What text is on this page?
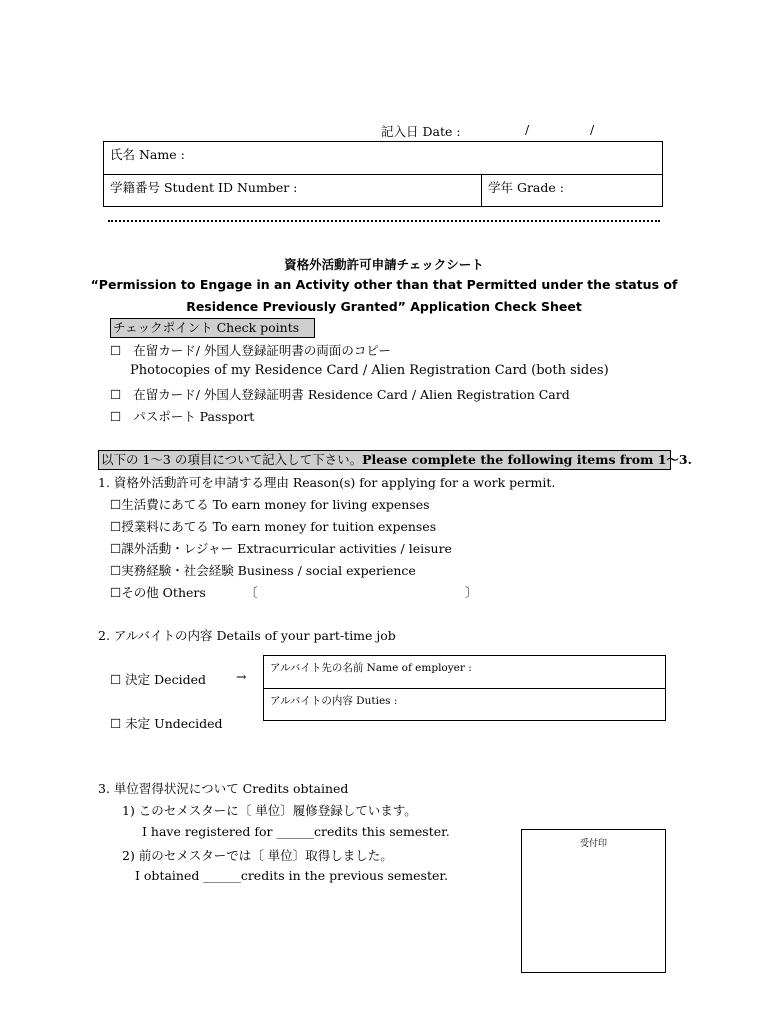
記入日 Date :	/	/
氏名 Name :
学籍番号 Student ID Number :	学年 Grade :
資格外活動許可申請チェックシート
“Permission to Engage in an Activity other than that Permitted under the status of
Residence Previously Granted” Application Check Sheet
チェックポイント Check points
☐ 在留カード/ 外国人登録証明書の両面のコピー
Photocopies of my Residence Card / Alien Registration Card (both sides)
☐ 在留カード/ 外国人登録証明書 Residence Card / Alien Registration Card
☐ パスポート Passport
以下の 1〜3 の項目について記入して下さい。Please complete the following items from 1〜3.
1. 資格外活動許可を申請する理由 Reason(s) for applying for a work permit.
☐生活費にあてる To earn money for living expenses
☐授業料にあてる To earn money for tuition expenses
☐課外活動・レジャー Extracurricular activities / leisure
☐実務経験・社会経験 Business / social experience
☐その他 Others	〔	〕
2. アルバイトの内容 Details of your part-time job
☐ 決定 Decided →
☐ 未定 Undecided
アルバイト先の名前 Name of employer :
アルバイトの内容 Duties :
3. 単位習得状況について Credits obtained
1) このセメスターに〔 単位〕履修登録しています。
I have registered for ______credits this semester.
2) 前のセメスターでは〔 単位〕取得しました。
I obtained ______credits in the previous semester.
受付印
